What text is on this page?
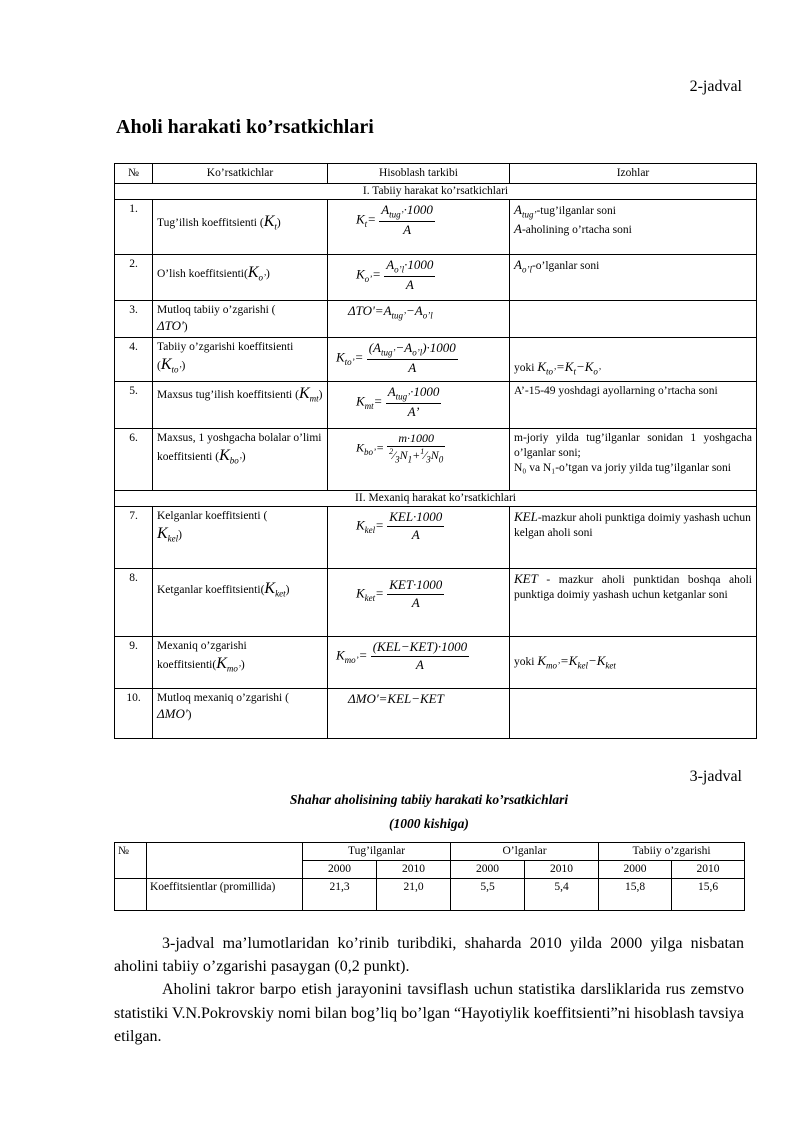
2-jadval
Aholi harakati ko’rsatkichlari
№	Ko’rsatkichlar	Hisoblash tarkibi	Izohlar
I. Tabiiy harakat ko’rsatkichlari			
1.	Tug’ilish koeffitsienti $(K_t)$	$K_t= \frac{A_{tug’}\cdot 1000}{A}$	$A_{tug’}-tug’ilganlar$ soni
A-aholining o’rtacha soni
2.	O’lish $koeffitsienti(K_{o’})$	$K_{o’}= \frac{A_{o’l}\cdot 1000}{A}$	$A_{o’l}-o’lganlar$ soni
3.	Mutloq tabiiy o’zgarishi (
ΔTO')	$\Delta TO'=A_{tug’}-A_{o’l}$	
4.	Tabiiy o’zgarishi koeffitsienti $(K_{to’})$	$K_{to’}= \frac{(A_{tug’}-A_{o’l})\cdot 1000}{A}$	yoki $K_{to’}=K_t-K_{o’}$
5.	Maxsus tug’ilish koeffitsienti $(K_{mt})$	$K_{mt}= \frac{A_{tug’}\cdot 1000}{A’}$	A’-15-49 yoshdagi ayollarning o’rtacha soni
6.	Maxsus, 1 yoshgacha bolalar o’limi koeffitsienti $(K_{bo’})$	$K_{bo’}= \frac{m\cdot 1000}{^2⁄_3N_1+^1⁄_3N_0}$	m-joriy yilda tug’ilganlar sonidan 1 yoshgacha o’lganlar soni;
N₀ va N₁-o’tgan va joriy yilda tug’ilganlar soni
II. Mexaniq harakat ko’rsatkichlari			
7.	Kelganlar koeffitsienti (
$K_{kel}$)	$K_{kel}= \frac{\text{KEL·1000}}{A}$	KEL-mazkur aholi punktiga doimiy yashash uchun kelgan aholi soni
8.	Ketganlar $koeffitsienti(K_{ket})$	$K_{ket}= \frac{\text{KET·1000}}{A}$	KET - mazkur aholi punktidan boshqa aholi punktiga doimiy yashash uchun ketganlar soni
9.	Mexaniq o’zgarishi $koeffitsienti(K_{mo’})$	$K_{mo’}= \frac{\text{(KEL−KET)·1000}}{A}$	yoki $K_{mo’}=K_{kel}-K_{ket}$
10.	Mutloq mexaniq o’zgarishi (
ΔMO')	ΔMO'=KEL−KET	
3-jadval
Shahar aholisining tabiiy harakati ko’rsatkichlari
(1000 kishiga)
№		Tug’ilganlar		O’lganlar		Tabiiy o’zgarishi	
		2000	2010	2000	2010	2000	2010
	Koeffitsientlar (promillida)	21,3	21,0	5,5	5,4	15,8	15,6

3-jadval ma’lumotlaridan ko’rinib turibdiki, shaharda 2010 yilda 2000 yilga nisbatan aholini tabiiy o’zgarishi pasaygan (0,2 punkt).

Aholini takror barpo etish jarayonini tavsiflash uchun statistika darsliklarida rus zemstvo statistiki V.N.Pokrovskiy nomi bilan bog’liq bo’lgan “Hayotiylik koeffitsienti”ni hisoblash tavsiya etilgan.
